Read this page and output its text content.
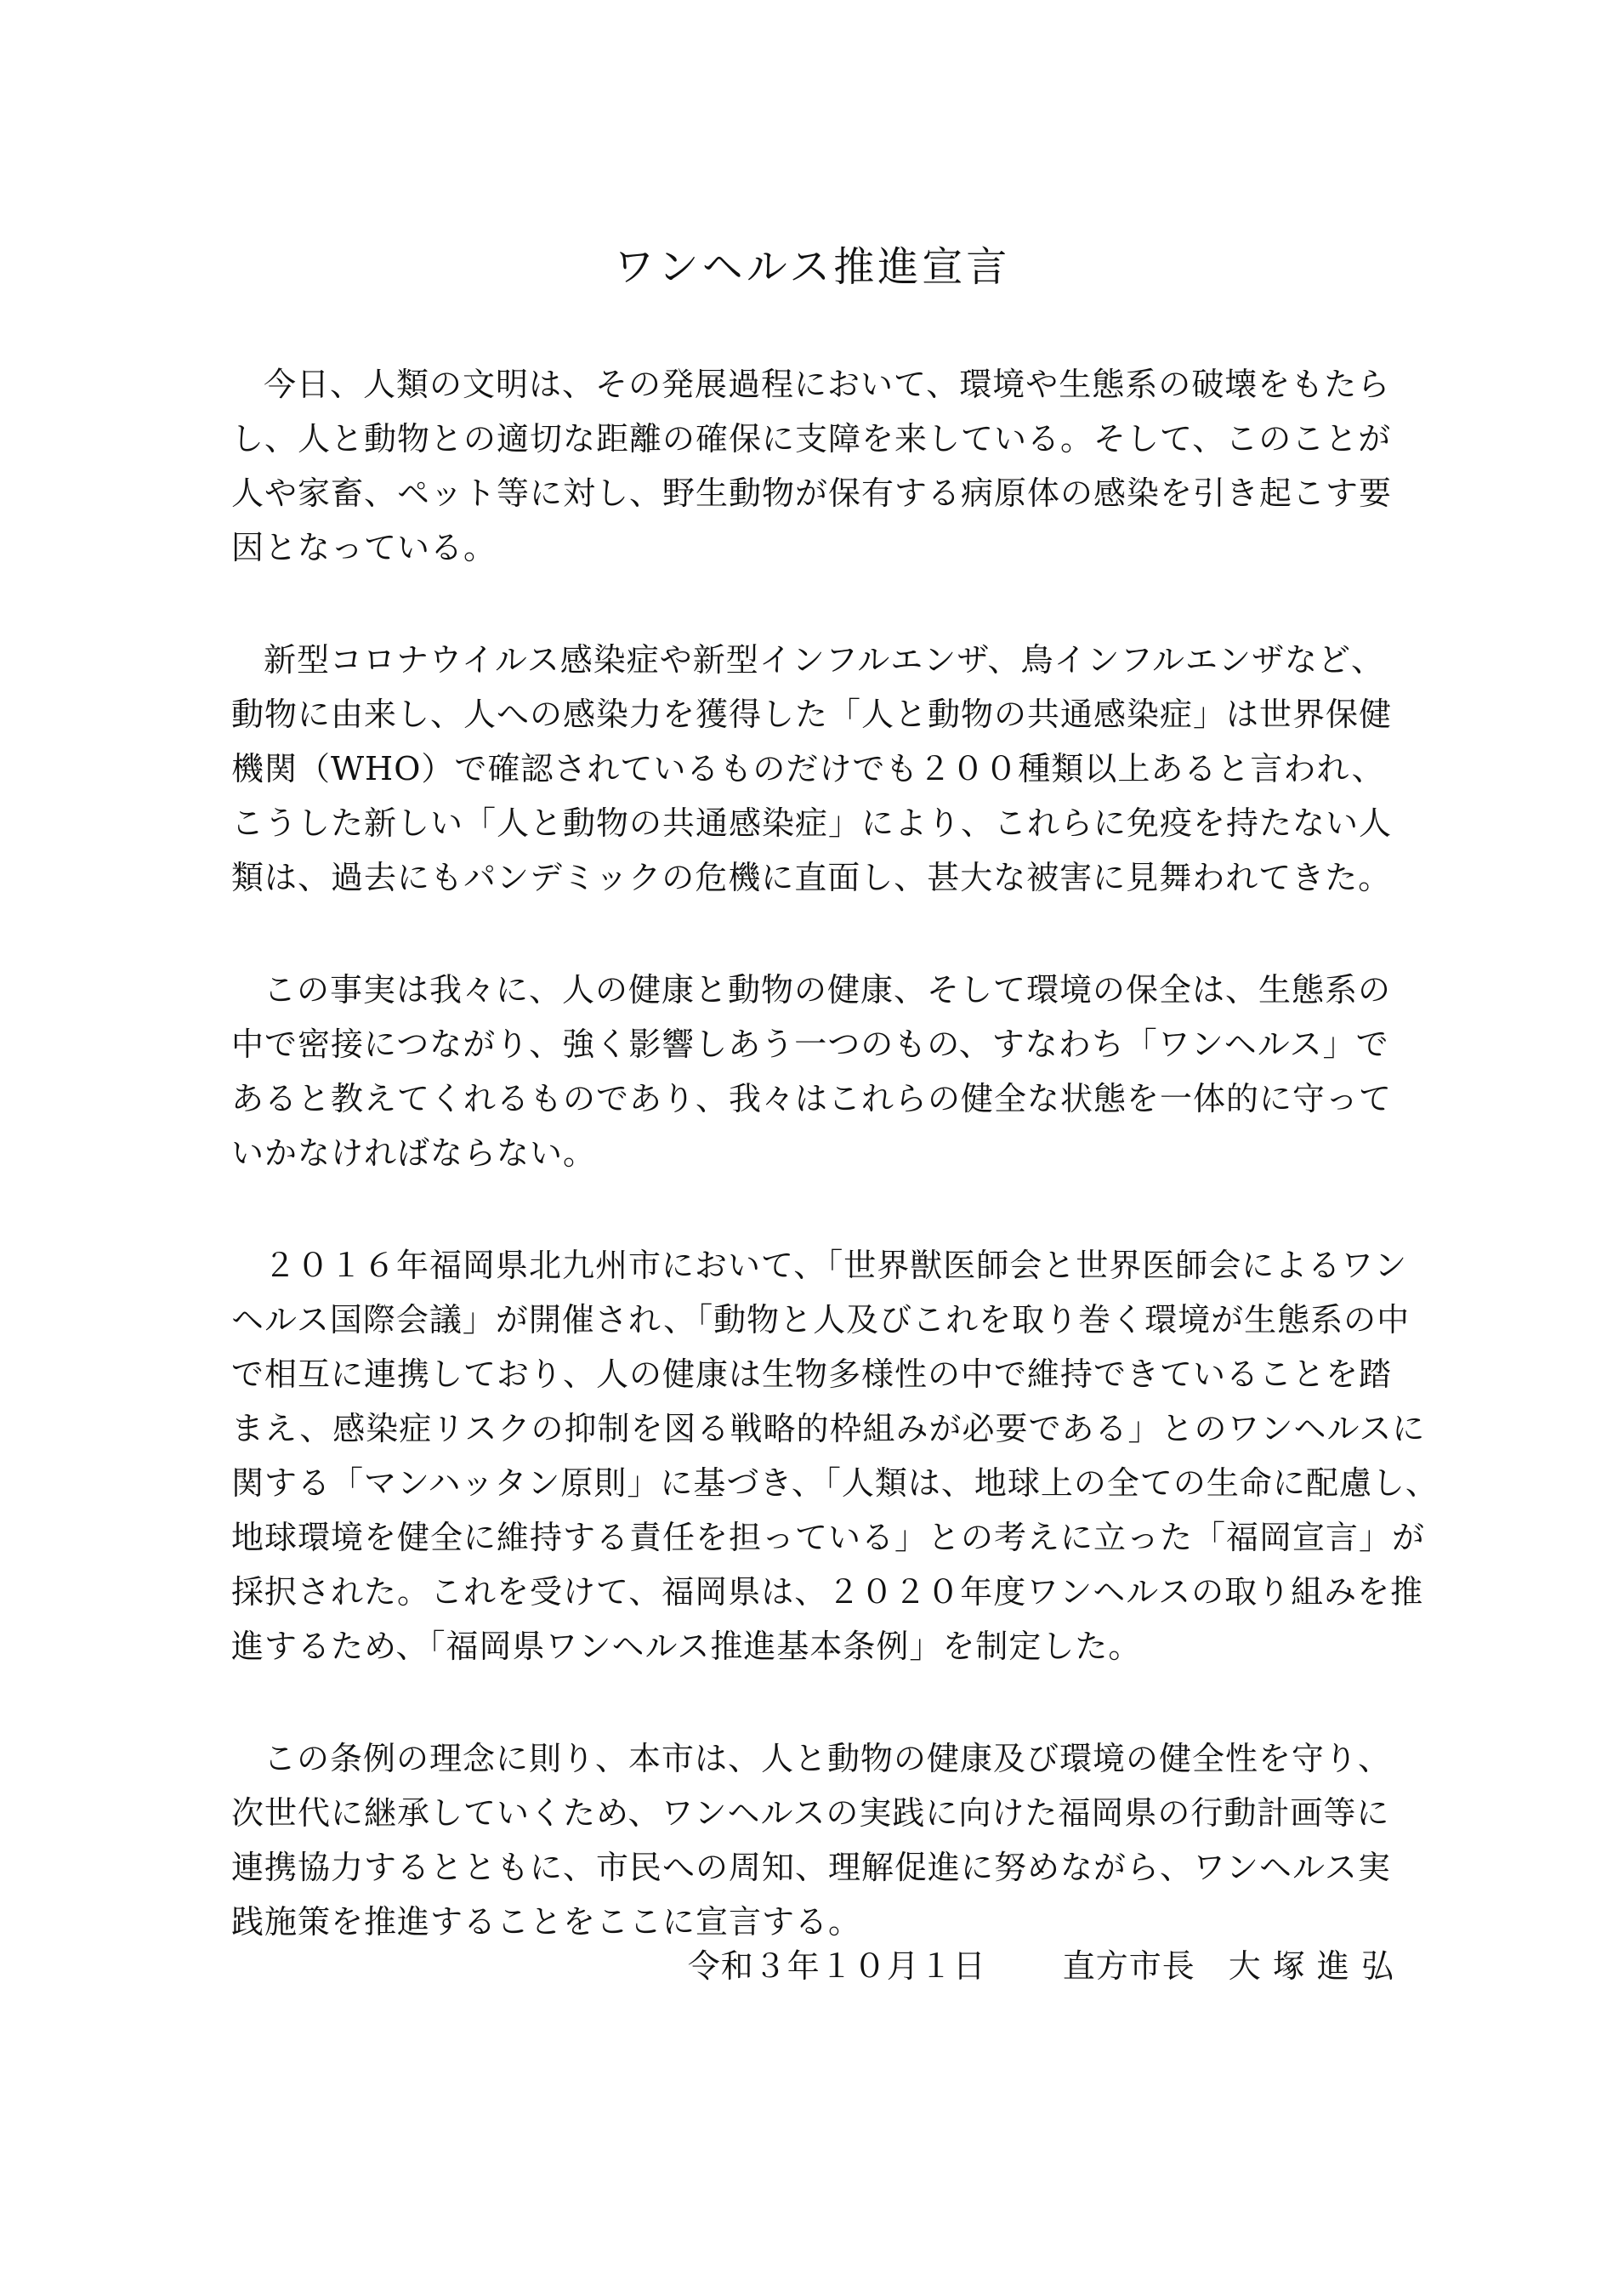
ワンヘルス推進宣言

今日、人類の文明は、その発展過程において、環境や生態系の破壊をもたら
し、人と動物との適切な距離の確保に支障を来している。そして、このことが
人や家畜、ペット等に対し、野生動物が保有する病原体の感染を引き起こす要
因となっている。

新型コロナウイルス感染症や新型インフルエンザ、鳥インフルエンザなど、
動物に由来し、人への感染力を獲得した「人と動物の共通感染症」は世界保健
機関（WHO）で確認されているものだけでも２００種類以上あると言われ、
こうした新しい「人と動物の共通感染症」により、これらに免疫を持たない人
類は、過去にもパンデミックの危機に直面し、甚大な被害に見舞われてきた。

この事実は我々に、人の健康と動物の健康、そして環境の保全は、生態系の
中で密接につながり、強く影響しあう一つのもの、すなわち「ワンヘルス」で
あると教えてくれるものであり、我々はこれらの健全な状態を一体的に守って
いかなければならない。

２０１６年福岡県北九州市において、「世界獣医師会と世界医師会によるワン
ヘルス国際会議」が開催され、「動物と人及びこれを取り巻く環境が生態系の中
で相互に連携しており、人の健康は生物多様性の中で維持できていることを踏
まえ、感染症リスクの抑制を図る戦略的枠組みが必要である」とのワンヘルスに
関する「マンハッタン原則」に基づき、「人類は、地球上の全ての生命に配慮し、
地球環境を健全に維持する責任を担っている」との考えに立った「福岡宣言」が
採択された。これを受けて、福岡県は、２０２０年度ワンヘルスの取り組みを推
進するため、「福岡県ワンヘルス推進基本条例」を制定した。

この条例の理念に則り、本市は、人と動物の健康及び環境の健全性を守り、
次世代に継承していくため、ワンヘルスの実践に向けた福岡県の行動計画等に
連携協力するとともに、市民への周知、理解促進に努めながら、ワンヘルス実
践施策を推進することをここに宣言する。

令和３年１０月１日 直方市長　大 塚 進 弘
